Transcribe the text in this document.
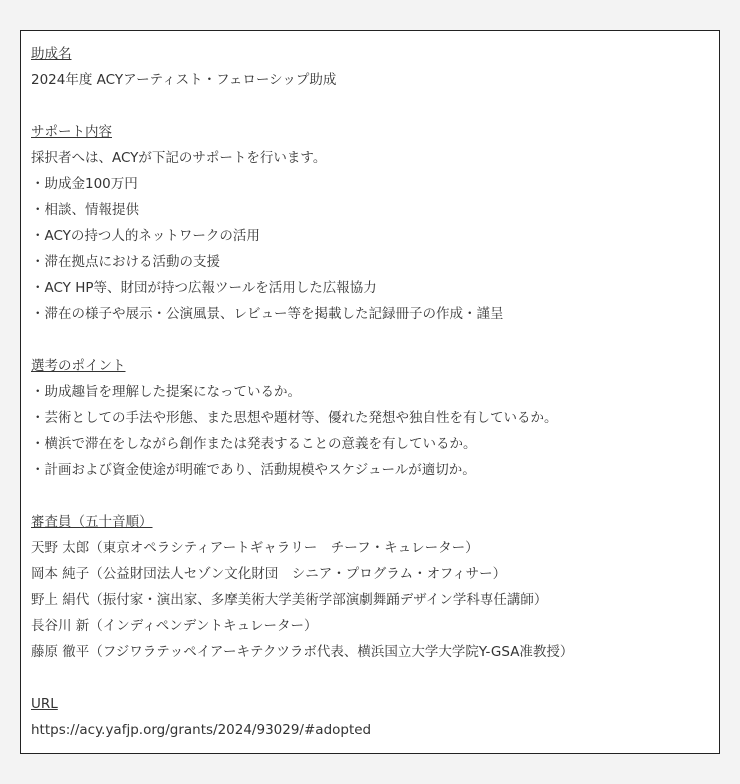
助成名
2024年度 ACYアーティスト・フェローシップ助成
サポート内容
採択者へは、ACYが下記のサポートを行います。
・助成金100万円
・相談、情報提供
・ACYの持つ人的ネットワークの活用
・滞在拠点における活動の支援
・ACY HP等、財団が持つ広報ツールを活用した広報協力
・滞在の様子や展示・公演風景、レビュー等を掲載した記録冊子の作成・謹呈
選考のポイント
・助成趣旨を理解した提案になっているか。
・芸術としての手法や形態、また思想や題材等、優れた発想や独自性を有しているか。
・横浜で滞在をしながら創作または発表することの意義を有しているか。
・計画および資金使途が明確であり、活動規模やスケジュールが適切か。
審査員（五十音順）
天野 太郎（東京オペラシティアートギャラリー　チーフ・キュレーター）
岡本 純子（公益財団法人セゾン文化財団　シニア・プログラム・オフィサー）
野上 絹代（振付家・演出家、多摩美術大学美術学部演劇舞踊デザイン学科専任講師）
長谷川 新（インディペンデントキュレーター）
藤原 徹平（フジワラテッペイアーキテクツラボ代表、横浜国立大学大学院Y-GSA准教授）
URL
https://acy.yafjp.org/grants/2024/93029/#adopted
